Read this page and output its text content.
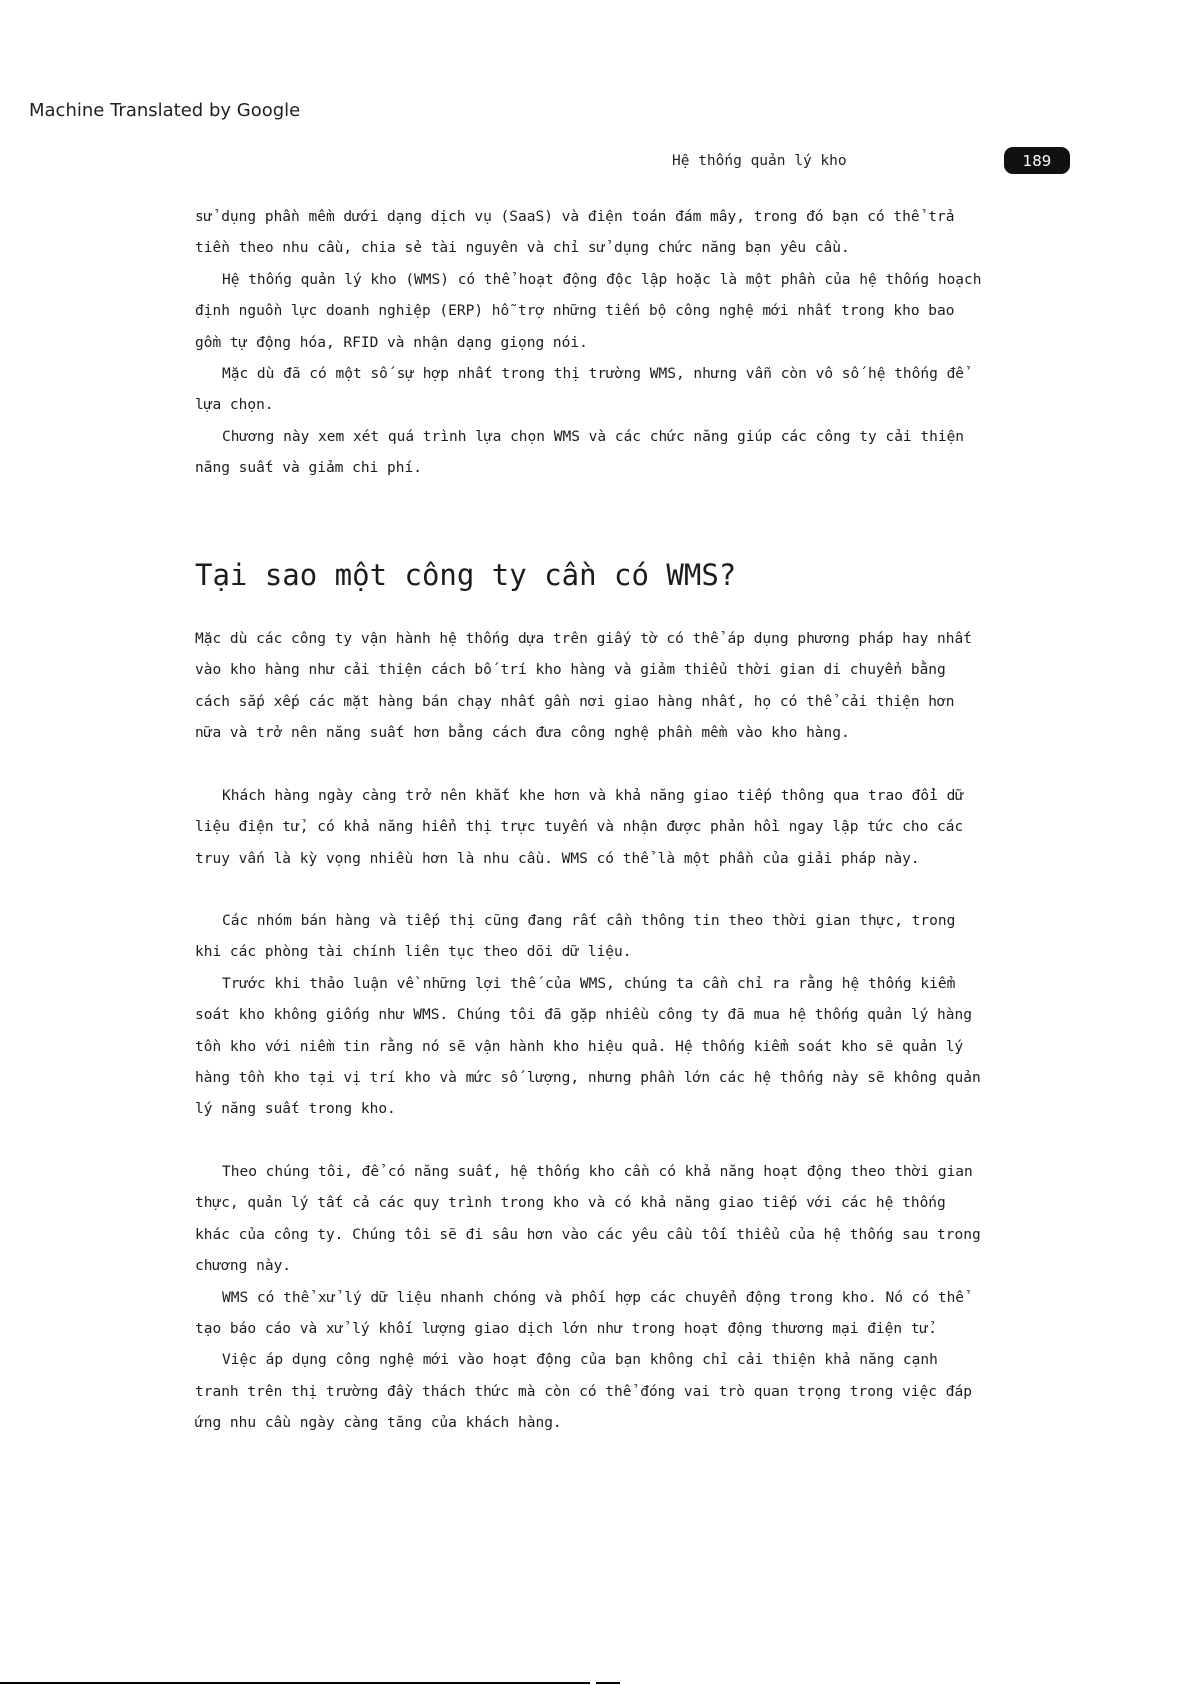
Machine Translated by Google
Hệ thống quản lý kho	189

sử dụng phần mềm dưới dạng dịch vụ (SaaS) và điện toán đám mây, trong đó bạn có thể trả tiền theo nhu cầu, chia sẻ tài nguyên và chỉ sử dụng chức năng bạn yêu cầu.

Hệ thống quản lý kho (WMS) có thể hoạt động độc lập hoặc là một phần của hệ thống hoạch định nguồn lực doanh nghiệp (ERP) hỗ trợ những tiến bộ công nghệ mới nhất trong kho bao gồm tự động hóa, RFID và nhận dạng giọng nói.

Mặc dù đã có một số sự hợp nhất trong thị trường WMS, nhưng vẫn còn vô số hệ thống để lựa chọn.

Chương này xem xét quá trình lựa chọn WMS và các chức năng giúp các công ty cải thiện năng suất và giảm chi phí.

Tại sao một công ty cần có WMS?

Mặc dù các công ty vận hành hệ thống dựa trên giấy tờ có thể áp dụng phương pháp hay nhất vào kho hàng như cải thiện cách bố trí kho hàng và giảm thiểu thời gian di chuyển bằng cách sắp xếp các mặt hàng bán chạy nhất gần nơi giao hàng nhất, họ có thể cải thiện hơn nữa và trở nên năng suất hơn bằng cách đưa công nghệ phần mềm vào kho hàng.

Khách hàng ngày càng trở nên khắt khe hơn và khả năng giao tiếp thông qua trao đổi dữ liệu điện tử, có khả năng hiển thị trực tuyến và nhận được phản hồi ngay lập tức cho các truy vấn là kỳ vọng nhiều hơn là nhu cầu. WMS có thể là một phần của giải pháp này.

Các nhóm bán hàng và tiếp thị cũng đang rất cần thông tin theo thời gian thực, trong khi các phòng tài chính liên tục theo dõi dữ liệu.

Trước khi thảo luận về những lợi thế của WMS, chúng ta cần chỉ ra rằng hệ thống kiểm soát kho không giống như WMS. Chúng tôi đã gặp nhiều công ty đã mua hệ thống quản lý hàng tồn kho với niềm tin rằng nó sẽ vận hành kho hiệu quả. Hệ thống kiểm soát kho sẽ quản lý hàng tồn kho tại vị trí kho và mức số lượng, nhưng phần lớn các hệ thống này sẽ không quản lý năng suất trong kho.

Theo chúng tôi, để có năng suất, hệ thống kho cần có khả năng hoạt động theo thời gian thực, quản lý tất cả các quy trình trong kho và có khả năng giao tiếp với các hệ thống khác của công ty. Chúng tôi sẽ đi sâu hơn vào các yêu cầu tối thiểu của hệ thống sau trong chương này.

WMS có thể xử lý dữ liệu nhanh chóng và phối hợp các chuyển động trong kho. Nó có thể tạo báo cáo và xử lý khối lượng giao dịch lớn như trong hoạt động thương mại điện tử.

Việc áp dụng công nghệ mới vào hoạt động của bạn không chỉ cải thiện khả năng cạnh tranh trên thị trường đầy thách thức mà còn có thể đóng vai trò quan trọng trong việc đáp ứng nhu cầu ngày càng tăng của khách hàng.
